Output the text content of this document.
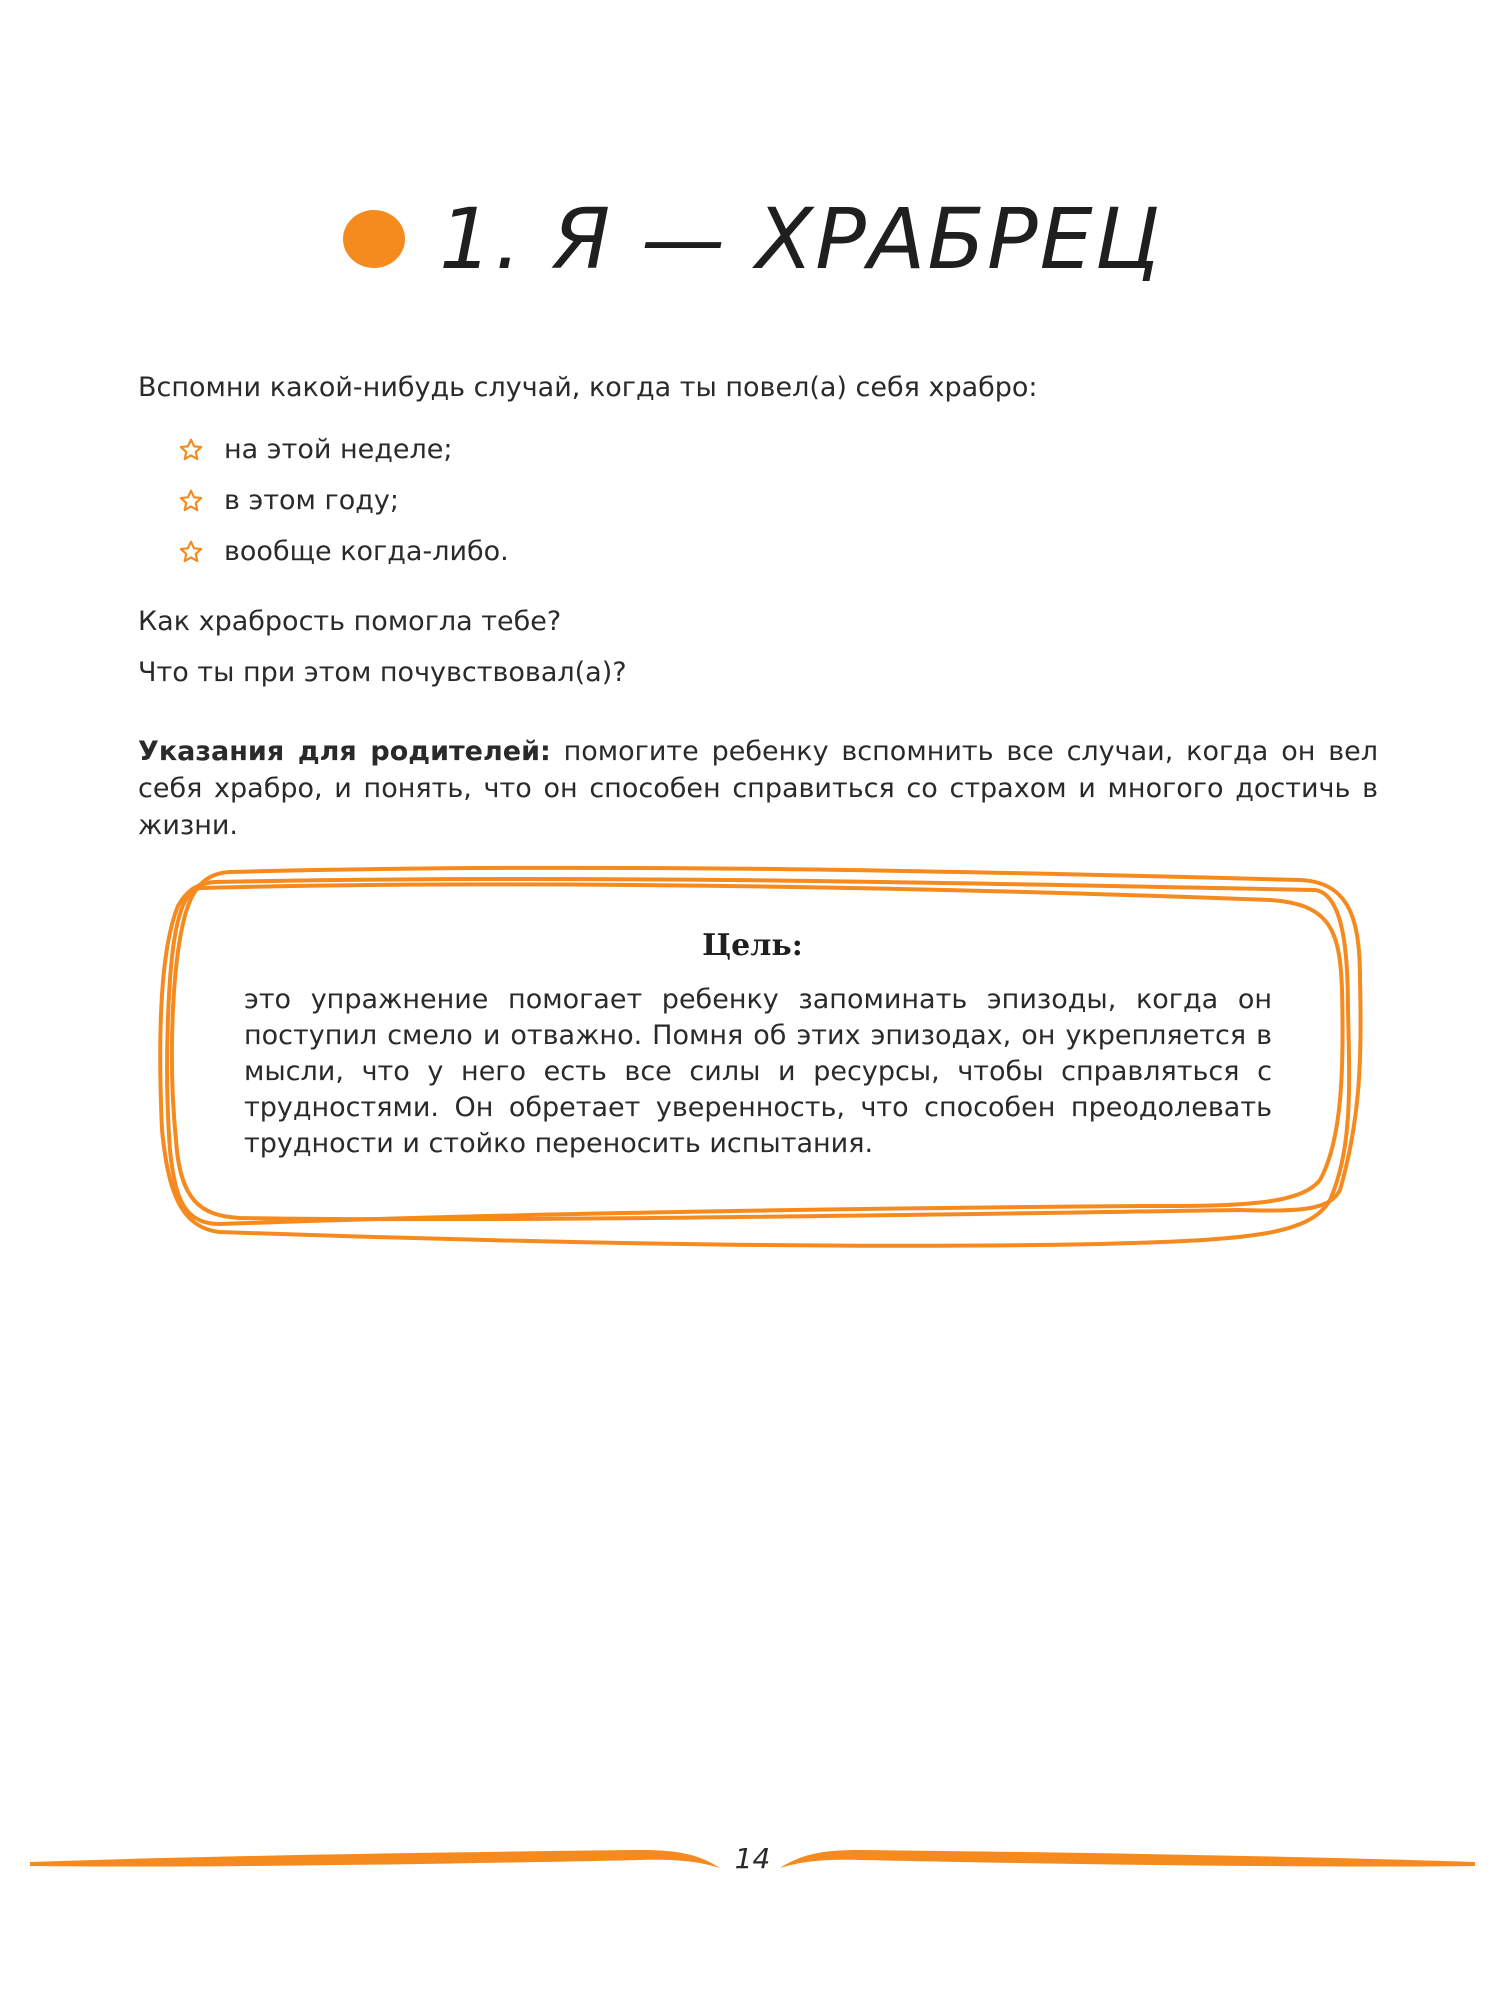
1. Я — ХРАБРЕЦ
Вспомни какой-нибудь случай, когда ты повел(а) себя храбро:
на этой неделе;
в этом году;
вообще когда-либо.
Как храбрость помогла тебе?
Что ты при этом почувствовал(а)?
Указания для родителей: помогите ребенку вспомнить все случаи, когда он вел себя храбро, и понять, что он способен справиться со страхом и многого достичь в жизни.
Цель:
это упражнение помогает ребенку запоминать эпизоды, когда он поступил смело и отважно. Помня об этих эпизодах, он укрепляется в мысли, что у него есть все силы и ресурсы, чтобы справляться с трудностями. Он обретает уверенность, что способен преодолевать трудности и стойко переносить испытания.
14
